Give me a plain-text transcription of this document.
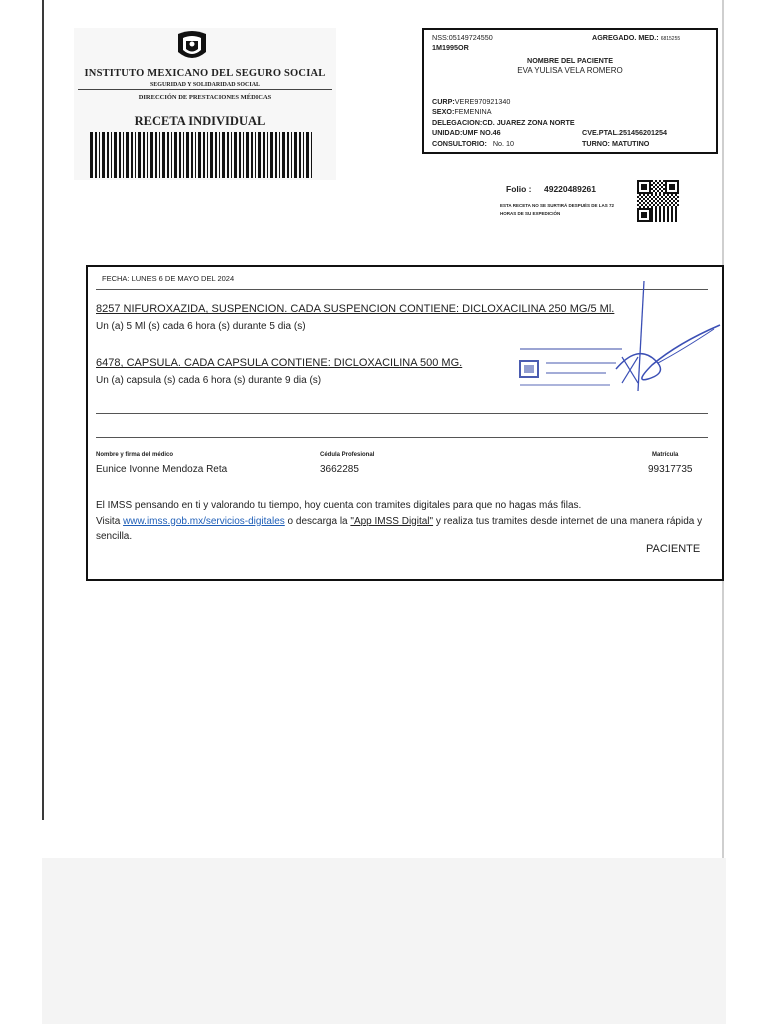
INSTITUTO MEXICANO DEL SEGURO SOCIAL
SEGURIDAD Y SOLIDARIDAD SOCIAL
DIRECCIÓN DE PRESTACIONES MÉDICAS
RECETA INDIVIDUAL
NSS:05149724550	AGREGADO. MED.: 6815255
1M1995OR
NOMBRE DEL PACIENTE
EVA YULISA VELA ROMERO
CURP:VERE970921340
SEXO:FEMENINA
DELEGACION:CD. JUAREZ ZONA NORTE
UNIDAD:UMF NO.46	CVE.PTAL.251456201254
CONSULTORIO: No. 10	TURNO: MATUTINO
Folio : 49220489261
ESTA RECETA NO SE SURTIRÁ DESPUÉS DE LAS 72 HORAS DE SU EXPEDICIÓN
FECHA: LUNES 6 DE MAYO DEL 2024
8257 NIFUROXAZIDA, SUSPENCION. CADA SUSPENCION CONTIENE: DICLOXACILINA 250 MG/5 Ml.
Un (a) 5 Ml (s) cada 6 hora (s) durante 5 dia (s)
6478, CAPSULA. CADA CAPSULA CONTIENE: DICLOXACILINA 500 MG.
Un (a) capsula (s) cada 6 hora (s) durante 9 dia (s)
Nombre y firma del médico	Cédula Profesional	Matrícula
Eunice Ivonne Mendoza Reta	3662285	99317735
El IMSS pensando en ti y valorando tu tiempo, hoy cuenta con tramites digitales para que no hagas más filas.
Visita www.imss.gob.mx/servicios-digitales o descarga la "App IMSS Digital" y realiza tus tramites desde internet de una manera rápida y sencilla.
PACIENTE
